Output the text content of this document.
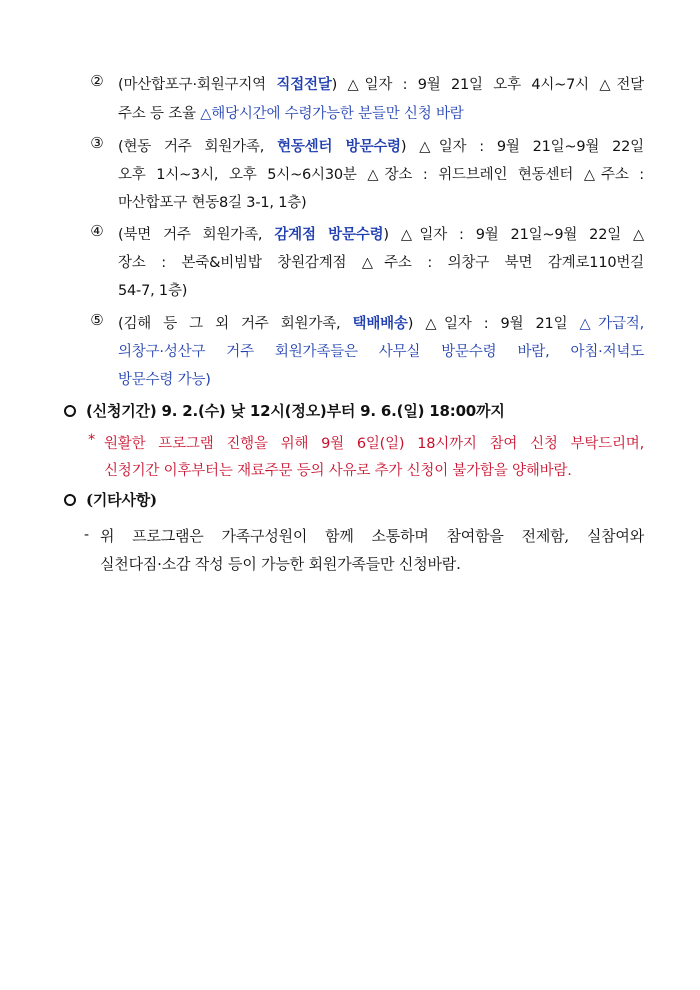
② (마산합포구·회원구지역 직접전달) △일자 : 9월 21일 오후 4시~7시 △전달
주소 등 조율 △해당시간에 수령가능한 분들만 신청 바람
③ (현동 거주 회원가족, 현동센터 방문수령) △일자 : 9월 21일~9월 22일
오후 1시~3시, 오후 5시~6시30분 △장소 : 위드브레인 현동센터 △주소 :
마산합포구 현동8길 3-1, 1층)
④ (북면 거주 회원가족, 감계점 방문수령) △일자 : 9월 21일~9월 22일 △
장소 : 본죽&비빔밥 창원감계점 △주소 : 의창구 북면 감계로110번길
54-7, 1층)
⑤ (김해 등 그 외 거주 회원가족, 택배배송) △일자 : 9월 21일 △가급적,
의창구·성산구 거주 회원가족들은 사무실 방문수령 바람, 아침·저녁도
방문수령 가능)
(신청기간) 9. 2.(수) 낮 12시(정오)부터 9. 6.(일) 18:00까지
* 원활한 프로그램 진행을 위해 9월 6일(일) 18시까지 참여 신청 부탁드리며,
신청기간 이후부터는 재료주문 등의 사유로 추가 신청이 불가함을 양해바람.
(기타사항)
- 위 프로그램은 가족구성원이 함께 소통하며 참여함을 전제함, 실참여와
실천다짐·소감 작성 등이 가능한 회원가족들만 신청바람.
